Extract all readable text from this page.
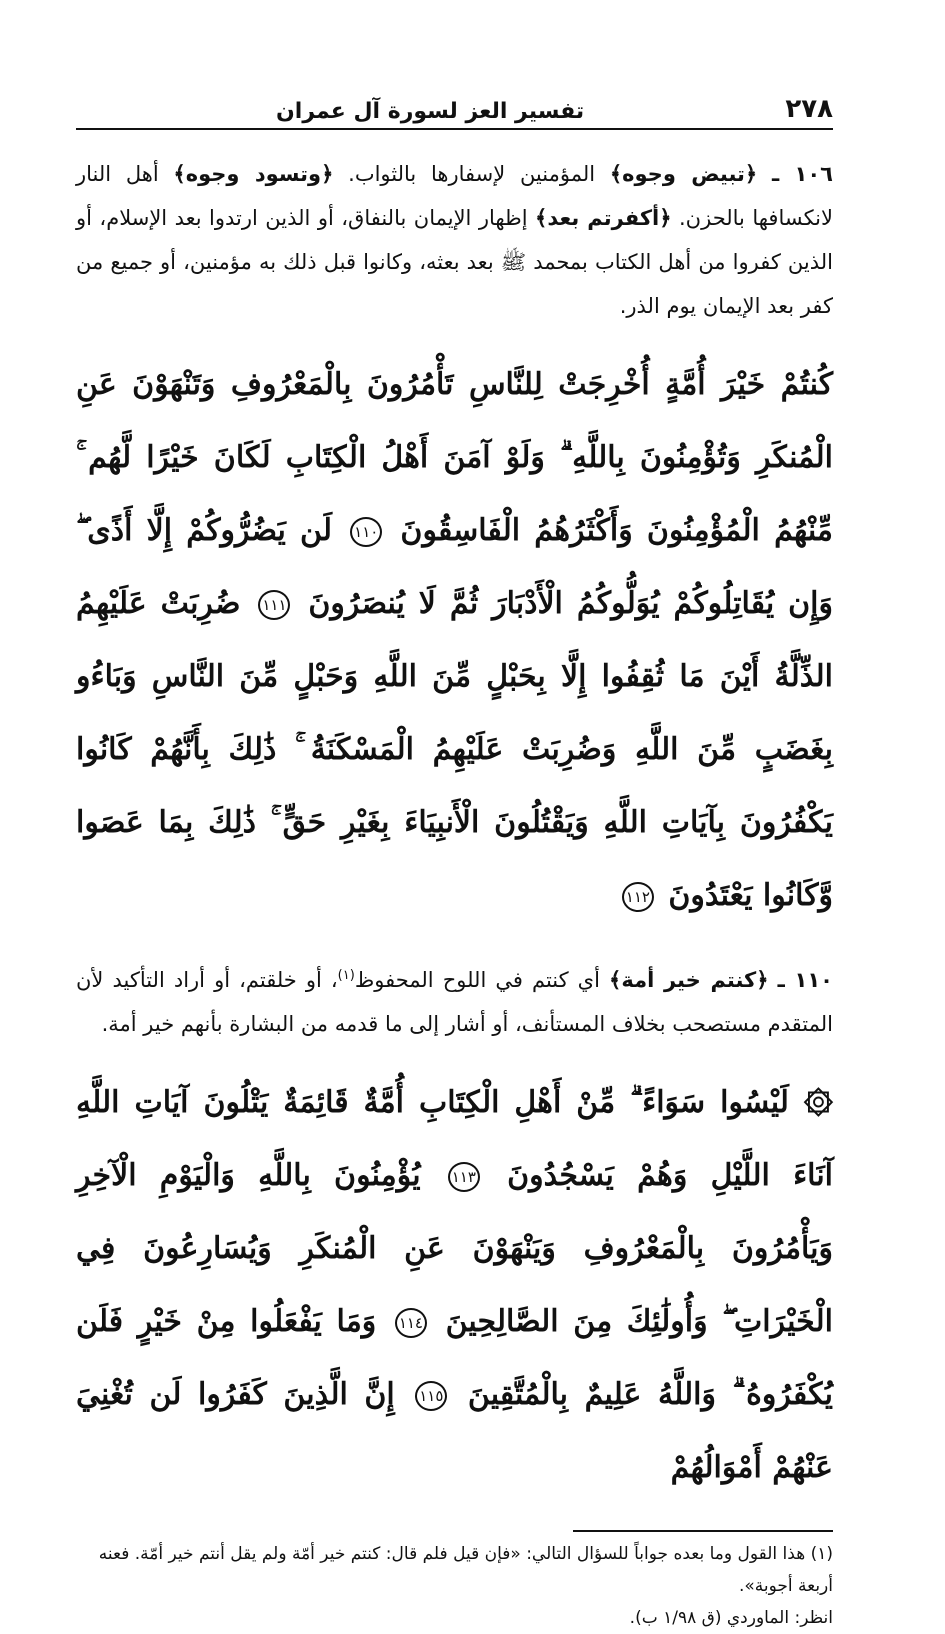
٢٧٨
تفسير العز لسورة آل عمران

١٠٦ ـ ﴿تبيض وجوه﴾ المؤمنين لإسفارها بالثواب. ﴿وتسود وجوه﴾ أهل النار لانكسافها بالحزن. ﴿أكفرتم بعد﴾ إظهار الإيمان بالنفاق، أو الذين ارتدوا بعد الإسلام، أو الذين كفروا من أهل الكتاب بمحمد ﷺ بعد بعثه، وكانوا قبل ذلك به مؤمنين، أو جميع من كفر بعد الإيمان يوم الذر.

كُنتُمْ خَيْرَ أُمَّةٍ أُخْرِجَتْ لِلنَّاسِ تَأْمُرُونَ بِالْمَعْرُوفِ وَتَنْهَوْنَ عَنِ الْمُنكَرِ وَتُؤْمِنُونَ بِاللَّهِ ۗ وَلَوْ آمَنَ أَهْلُ الْكِتَابِ لَكَانَ خَيْرًا لَّهُم ۚ مِّنْهُمُ الْمُؤْمِنُونَ وَأَكْثَرُهُمُ الْفَاسِقُونَ ١١٠ لَن يَضُرُّوكُمْ إِلَّا أَذًى ۖ وَإِن يُقَاتِلُوكُمْ يُوَلُّوكُمُ الْأَدْبَارَ ثُمَّ لَا يُنصَرُونَ ١١١ ضُرِبَتْ عَلَيْهِمُ الذِّلَّةُ أَيْنَ مَا ثُقِفُوا إِلَّا بِحَبْلٍ مِّنَ اللَّهِ وَحَبْلٍ مِّنَ النَّاسِ وَبَاءُو بِغَضَبٍ مِّنَ اللَّهِ وَضُرِبَتْ عَلَيْهِمُ الْمَسْكَنَةُ ۚ ذَٰلِكَ بِأَنَّهُمْ كَانُوا يَكْفُرُونَ بِآيَاتِ اللَّهِ وَيَقْتُلُونَ الْأَنبِيَاءَ بِغَيْرِ حَقٍّ ۚ ذَٰلِكَ بِمَا عَصَوا وَّكَانُوا يَعْتَدُونَ ١١٢

١١٠ ـ ﴿كنتم خير أمة﴾ أي كنتم في اللوح المحفوظ$^{(١)}$، أو خلقتم، أو أراد التأكيد لأن المتقدم مستصحب بخلاف المستأنف، أو أشار إلى ما قدمه من البشارة بأنهم خير أمة.

۞ لَيْسُوا سَوَاءً ۗ مِّنْ أَهْلِ الْكِتَابِ أُمَّةٌ قَائِمَةٌ يَتْلُونَ آيَاتِ اللَّهِ آنَاءَ اللَّيْلِ وَهُمْ يَسْجُدُونَ ١١٣ يُؤْمِنُونَ بِاللَّهِ وَالْيَوْمِ الْآخِرِ وَيَأْمُرُونَ بِالْمَعْرُوفِ وَيَنْهَوْنَ عَنِ الْمُنكَرِ وَيُسَارِعُونَ فِي الْخَيْرَاتِ ۖ وَأُولَٰئِكَ مِنَ الصَّالِحِينَ ١١٤ وَمَا يَفْعَلُوا مِنْ خَيْرٍ فَلَن يُكْفَرُوهُ ۗ وَاللَّهُ عَلِيمٌ بِالْمُتَّقِينَ ١١٥ إِنَّ الَّذِينَ كَفَرُوا لَن تُغْنِيَ عَنْهُمْ أَمْوَالُهُمْ

(١) هذا القول وما بعده جواباً للسؤال التالي: «فإن قيل فلم قال: كنتم خير أمّة ولم يقل أنتم خير أمّة. فعنه أربعة أجوبة».

انظر: الماوردي (ق ١/٩٨ ب).
